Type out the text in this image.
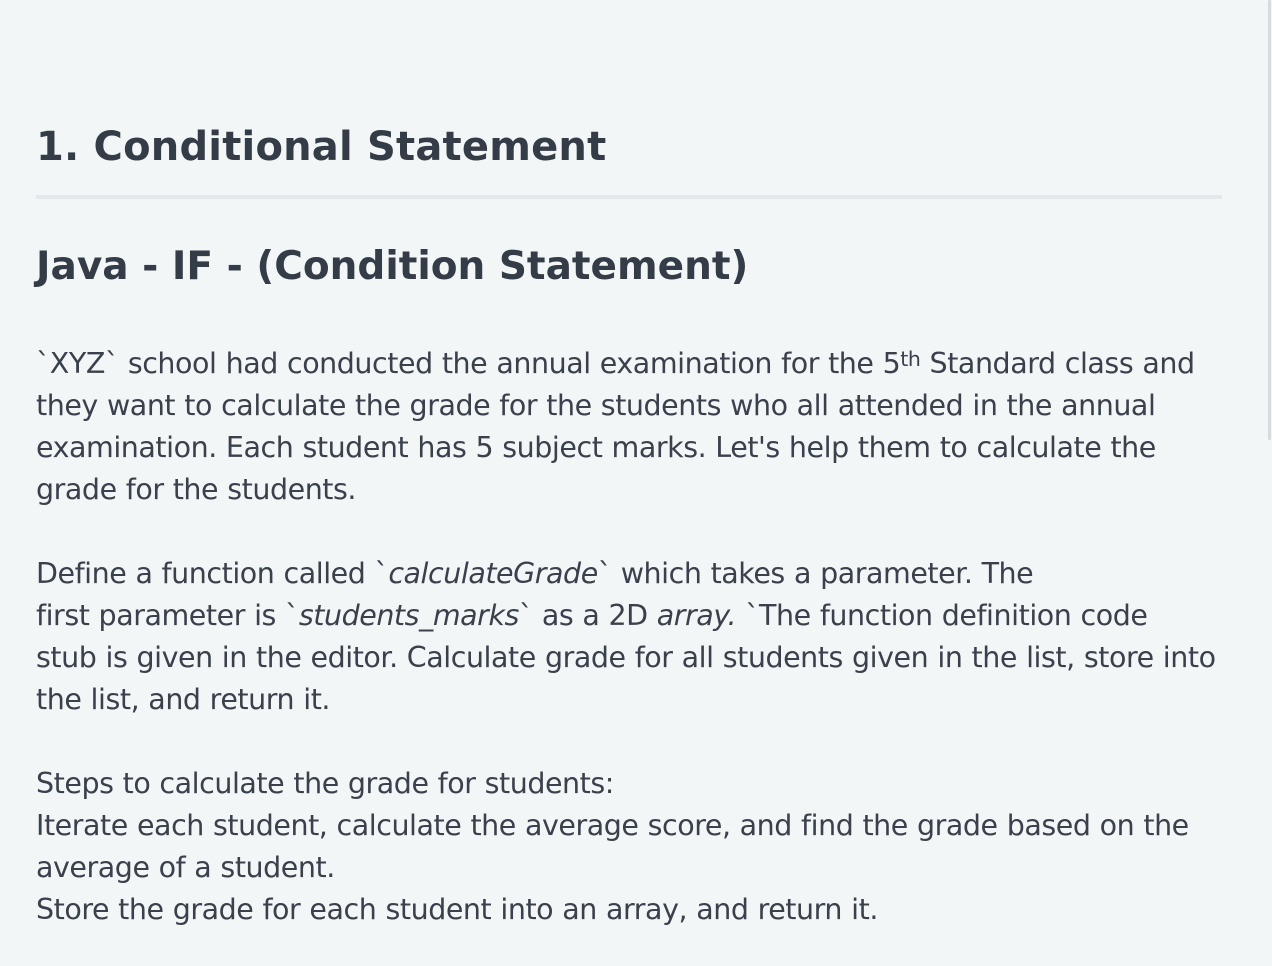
1. Conditional Statement
Java - IF - (Condition Statement)

`XYZ` school had conducted the annual examination for the 5th Standard class and
they want to calculate the grade for the students who all attended in the annual
examination. Each student has 5 subject marks. Let's help them to calculate the
grade for the students.

Define a function called `calculateGrade` which takes a parameter. The
first parameter is `students_marks` as a 2D array. `The function definition code
stub is given in the editor. Calculate grade for all students given in the list, store into
the list, and return it.

Steps to calculate the grade for students:
Iterate each student, calculate the average score, and find the grade based on the
average of a student.
Store the grade for each student into an array, and return it.
